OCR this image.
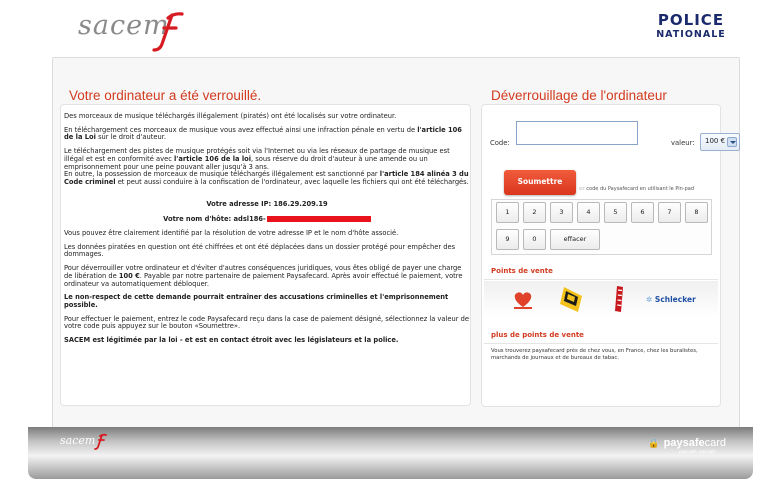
sacem	POLICE
NATIONALE
Votre ordinateur a été verrouillé.

Des morceaux de musique téléchargés illégalement (piratés) ont été localisés sur votre ordinateur.

En téléchargement ces morceaux de musique vous avez effectué ainsi une infraction pénale en vertu de l'article 106 de la Loi sur le droit d'auteur.

Le téléchargement des pistes de musique protégés soit via l'Internet ou via les réseaux de partage de musique est illégal et est en conformité avec l'article 106 de la loi, sous réserve du droit d'auteur à une amende ou un emprisonnement pour une peine pouvant aller jusqu'à 3 ans.
En outre, la possession de morceaux de musique téléchargés illégalement est sanctionné par l'article 184 alinéa 3 du Code criminel et peut aussi conduire à la confiscation de l'ordinateur, avec laquelle les fichiers qui ont été téléchargés.

Votre adresse IP: 186.29.209.19

Votre nom d'hôte: adsl186-

Vous pouvez être clairement identifié par la résolution de votre adresse IP et le nom d'hôte associé.

Les données piratées en question ont été chiffrées et ont été déplacées dans un dossier protégé pour empêcher des dommages.

Pour déverrouiller votre ordinateur et d'éviter d'autres conséquences juridiques, vous êtes obligé de payer une charge de libération de 100 €. Payable par notre partenaire de paiement Paysafecard. Après avoir effectué le paiement, votre ordinateur va automatiquement débloquer.

Le non-respect de cette demande pourrait entraîner des accusations criminelles et l'emprisonnement possible.

Pour effectuer le paiement, entrez le code Paysafecard reçu dans la case de paiement désigné, sélectionnez la valeur de votre code puis appuyez sur le bouton «Soumettre».

SACEM est légitimée par la loi - et est en contact étroit avec les législateurs et la police.

Déverrouillage de l'ordinateur
Code:	valeur:	100 €
Soumettre
ez code du Paysafecard en utilisant le Pin-pad
1	2	3	4	5	6	7	8
9	0	effacer
Points de vente
✲ Schlecker
plus de points de vente
Vous trouverez paysafecard près de chez vous, en France, chez les buralistes, marchands de journaux et de bureaux de tabac.
sacem	🔒 paysafecard
pay.cash. pay.safe.
